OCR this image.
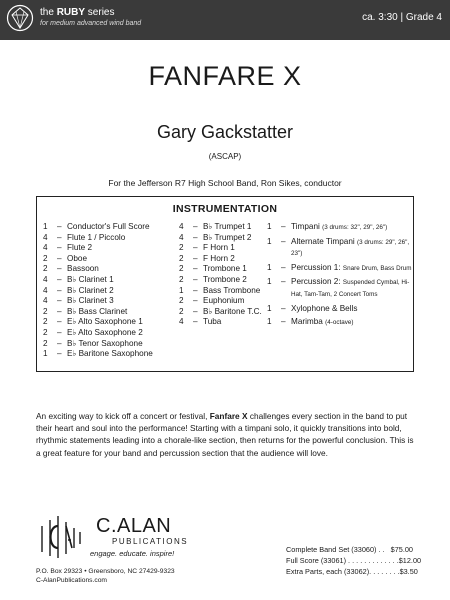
the RUBY series
for medium advanced wind band
ca. 3:30 | Grade 4
FANFARE X
Gary Gackstatter
(ASCAP)
For the Jefferson R7 High School Band, Ron Sikes, conductor
INSTRUMENTATION
1	– Conductor's Full Score
4	– Flute 1 / Piccolo
4	– Flute 2
2	– Oboe
2	– Bassoon
4	– B♭ Clarinet 1
4	– B♭ Clarinet 2
4	– B♭ Clarinet 3
2	– B♭ Bass Clarinet
2	– E♭ Alto Saxophone 1
2	– E♭ Alto Saxophone 2
2	– B♭ Tenor Saxophone
1	– E♭ Baritone Saxophone
4	– B♭ Trumpet 1
4	– B♭ Trumpet 2
2	– F Horn 1
2	– F Horn 2
2	– Trombone 1
2	– Trombone 2
1	– Bass Trombone
2	– Euphonium
2	– B♭ Baritone T.C.
4	– Tuba
1	– Timpani (3 drums: 32", 29", 26")
1	– Alternate Timpani (3 drums: 29", 26", 23")
1	– Percussion 1: Snare Drum, Bass Drum
1	– Percussion 2: Suspended Cymbal, Hi-Hat, Tam-Tam, 2 Concert Toms
1	– Xylophone & Bells
1	– Marimba (4-octave)
An exciting way to kick off a concert or festival, Fanfare X challenges every section in the band to put their heart and soul into the performance! Starting with a timpani solo, it quickly transitions into bold, rhythmic statements leading into a chorale-like section, then returns for the powerful conclusion. This is a great feature for your band and percussion section that the audience will love.
C.ALAN
PUBLICATIONS
engage. educate. inspire!
P.O. Box 29323 • Greensboro, NC 27429-9323
C-AlanPublications.com
Complete Band Set (33060) . . $75.00
Full Score (33061) . . . . . . . . . . . . . $12.00
Extra Parts, each (33062). . . . . . . . $3.50
